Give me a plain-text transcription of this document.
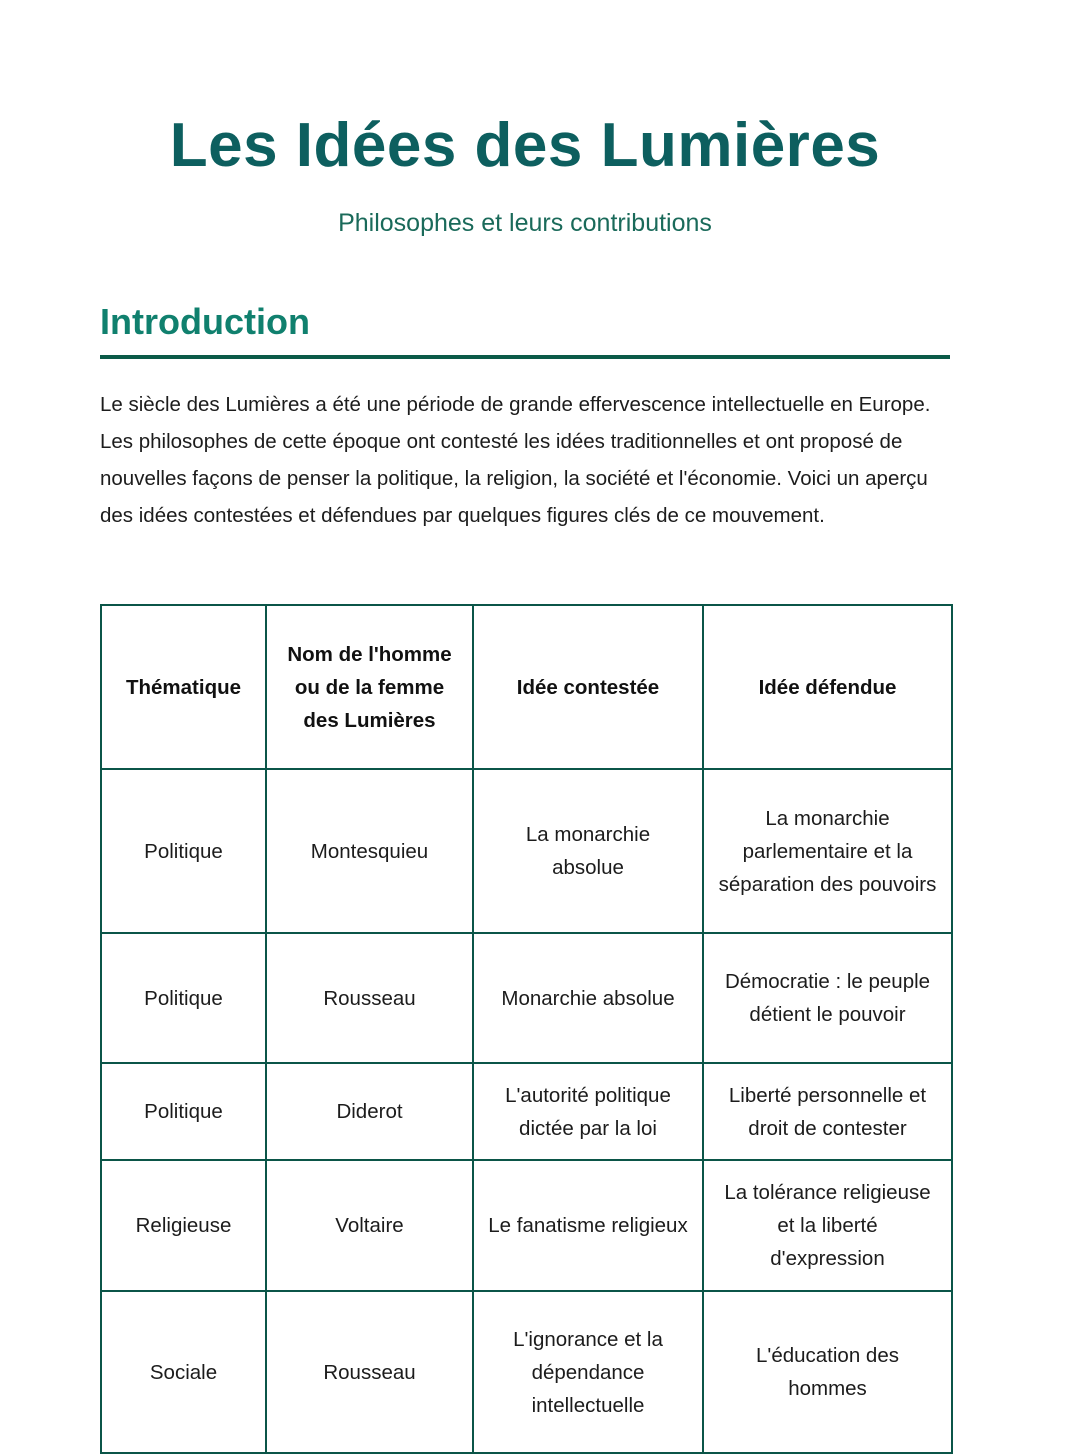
Les Idées des Lumières

Philosophes et leurs contributions

Introduction

Le siècle des Lumières a été une période de grande effervescence intellectuelle en Europe. Les philosophes de cette époque ont contesté les idées traditionnelles et ont proposé de nouvelles façons de penser la politique, la religion, la société et l'économie. Voici un aperçu des idées contestées et défendues par quelques figures clés de ce mouvement.

Thématique	Nom de l'homme ou de la femme des Lumières	Idée contestée	Idée défendue
Politique	Montesquieu	La monarchie absolue	La monarchie parlementaire et la séparation des pouvoirs
Politique	Rousseau	Monarchie absolue	Démocratie : le peuple détient le pouvoir
Politique	Diderot	L'autorité politique dictée par la loi	Liberté personnelle et droit de contester
Religieuse	Voltaire	Le fanatisme religieux	La tolérance religieuse et la liberté d'expression
Sociale	Rousseau	L'ignorance et la dépendance intellectuelle	L'éducation des hommes
